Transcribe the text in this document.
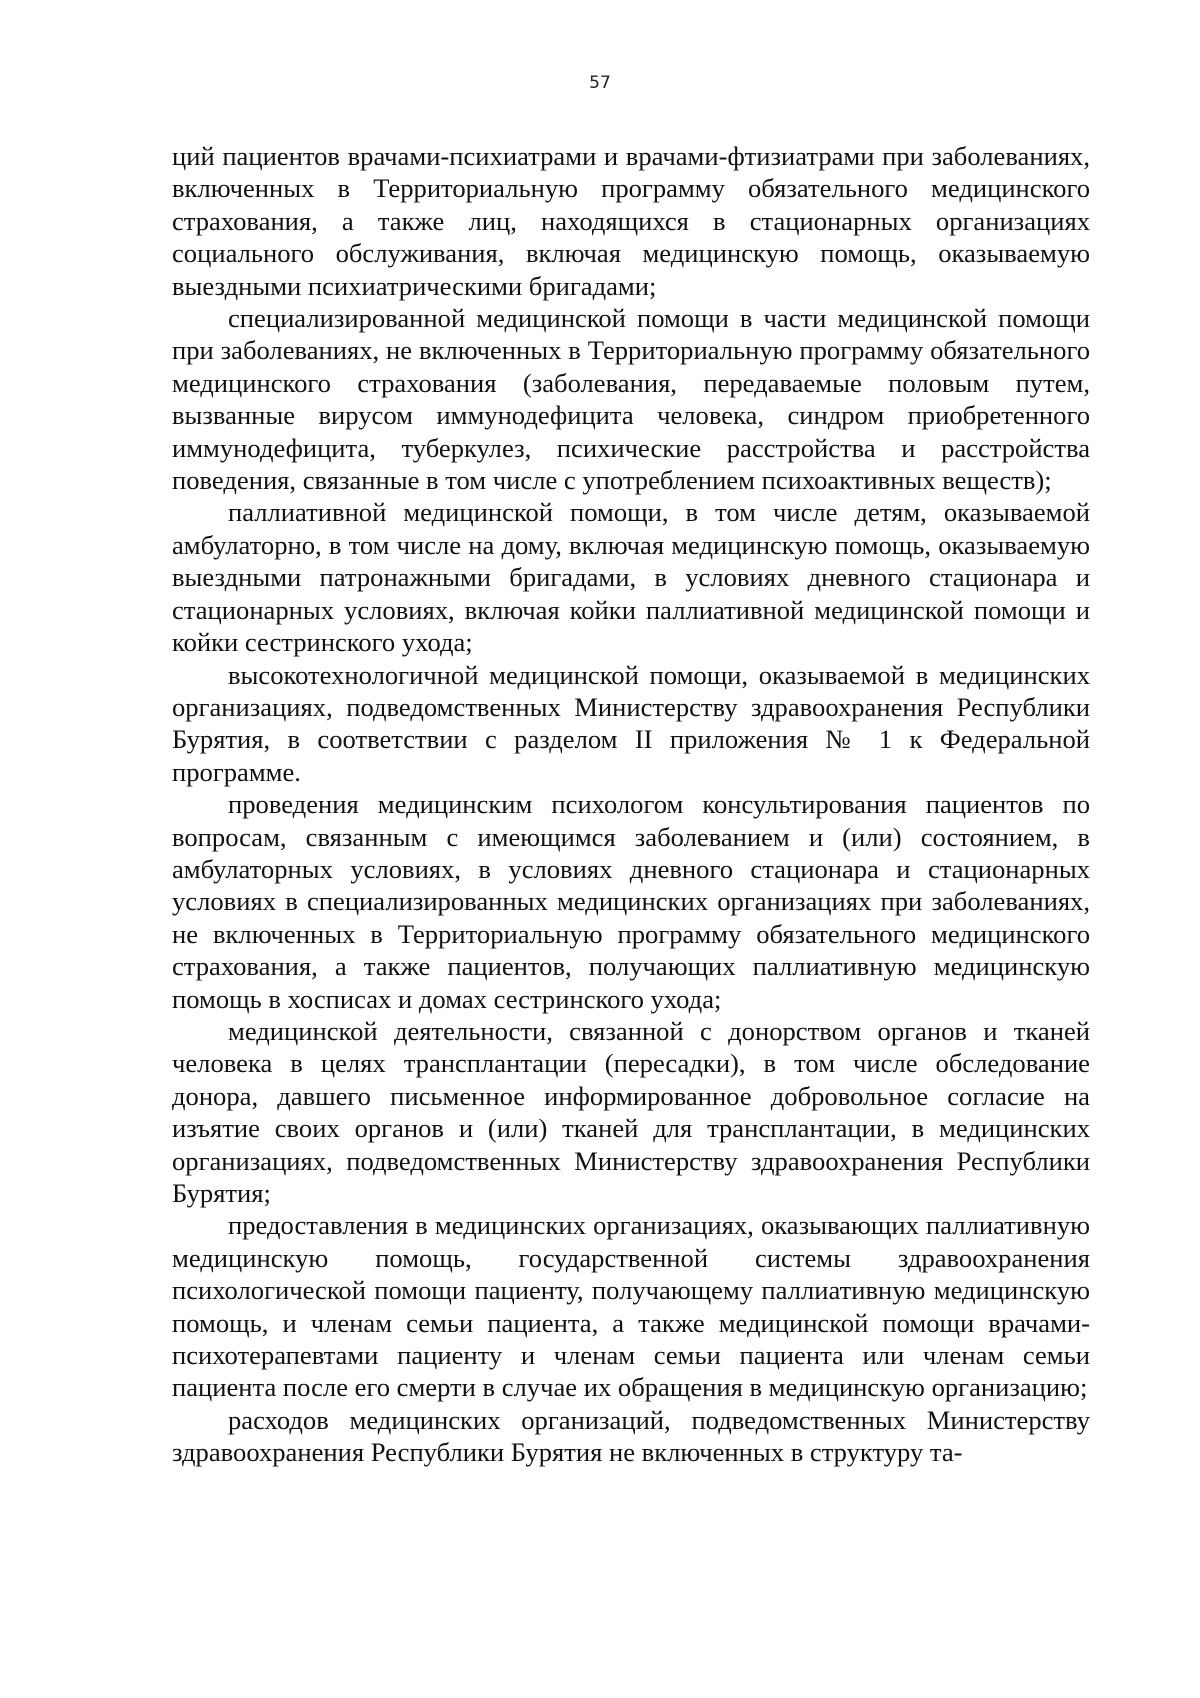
57

ций пациентов врачами-психиатрами и врачами-фтизиатрами при заболеваниях, включенных в Территориальную программу обязательного медицинского страхования, а также лиц, находящихся в стационарных организациях социального обслуживания, включая медицинскую помощь, оказываемую выездными психиатрическими бригадами;

специализированной медицинской помощи в части медицинской помощи при заболеваниях, не включенных в Территориальную программу обязательного медицинского страхования (заболевания, передаваемые половым путем, вызванные вирусом иммунодефицита человека, синдром приобретенного иммунодефицита, туберкулез, психические расстройства и расстройства поведения, связанные в том числе с употреблением психоактивных веществ);

паллиативной медицинской помощи, в том числе детям, оказываемой амбулаторно, в том числе на дому, включая медицинскую помощь, оказываемую выездными патронажными бригадами, в условиях дневного стационара и стационарных условиях, включая койки паллиативной медицинской помощи и койки сестринского ухода;

высокотехнологичной медицинской помощи, оказываемой в медицинских организациях, подведомственных Министерству здравоохранения Республики Бурятия, в соответствии с разделом II приложения № 1 к Федеральной программе.

проведения медицинским психологом консультирования пациентов по вопросам, связанным с имеющимся заболеванием и (или) состоянием, в амбулаторных условиях, в условиях дневного стационара и стационарных условиях в специализированных медицинских организациях при заболеваниях, не включенных в Территориальную программу обязательного медицинского страхования, а также пациентов, получающих паллиативную медицинскую помощь в хосписах и домах сестринского ухода;

медицинской деятельности, связанной с донорством органов и тканей человека в целях трансплантации (пересадки), в том числе обследование донора, давшего письменное информированное добровольное согласие на изъятие своих органов и (или) тканей для трансплантации, в медицинских организациях, подведомственных Министерству здравоохранения Республики Бурятия;

предоставления в медицинских организациях, оказывающих паллиативную медицинскую помощь, государственной системы здравоохранения психологической помощи пациенту, получающему паллиативную медицинскую помощь, и членам семьи пациента, а также медицинской помощи врачами-психотерапевтами пациенту и членам семьи пациента или членам семьи пациента после его смерти в случае их обращения в медицинскую организацию;

расходов медицинских организаций, подведомственных Министерству здравоохранения Республики Бурятия не включенных в структуру та-
